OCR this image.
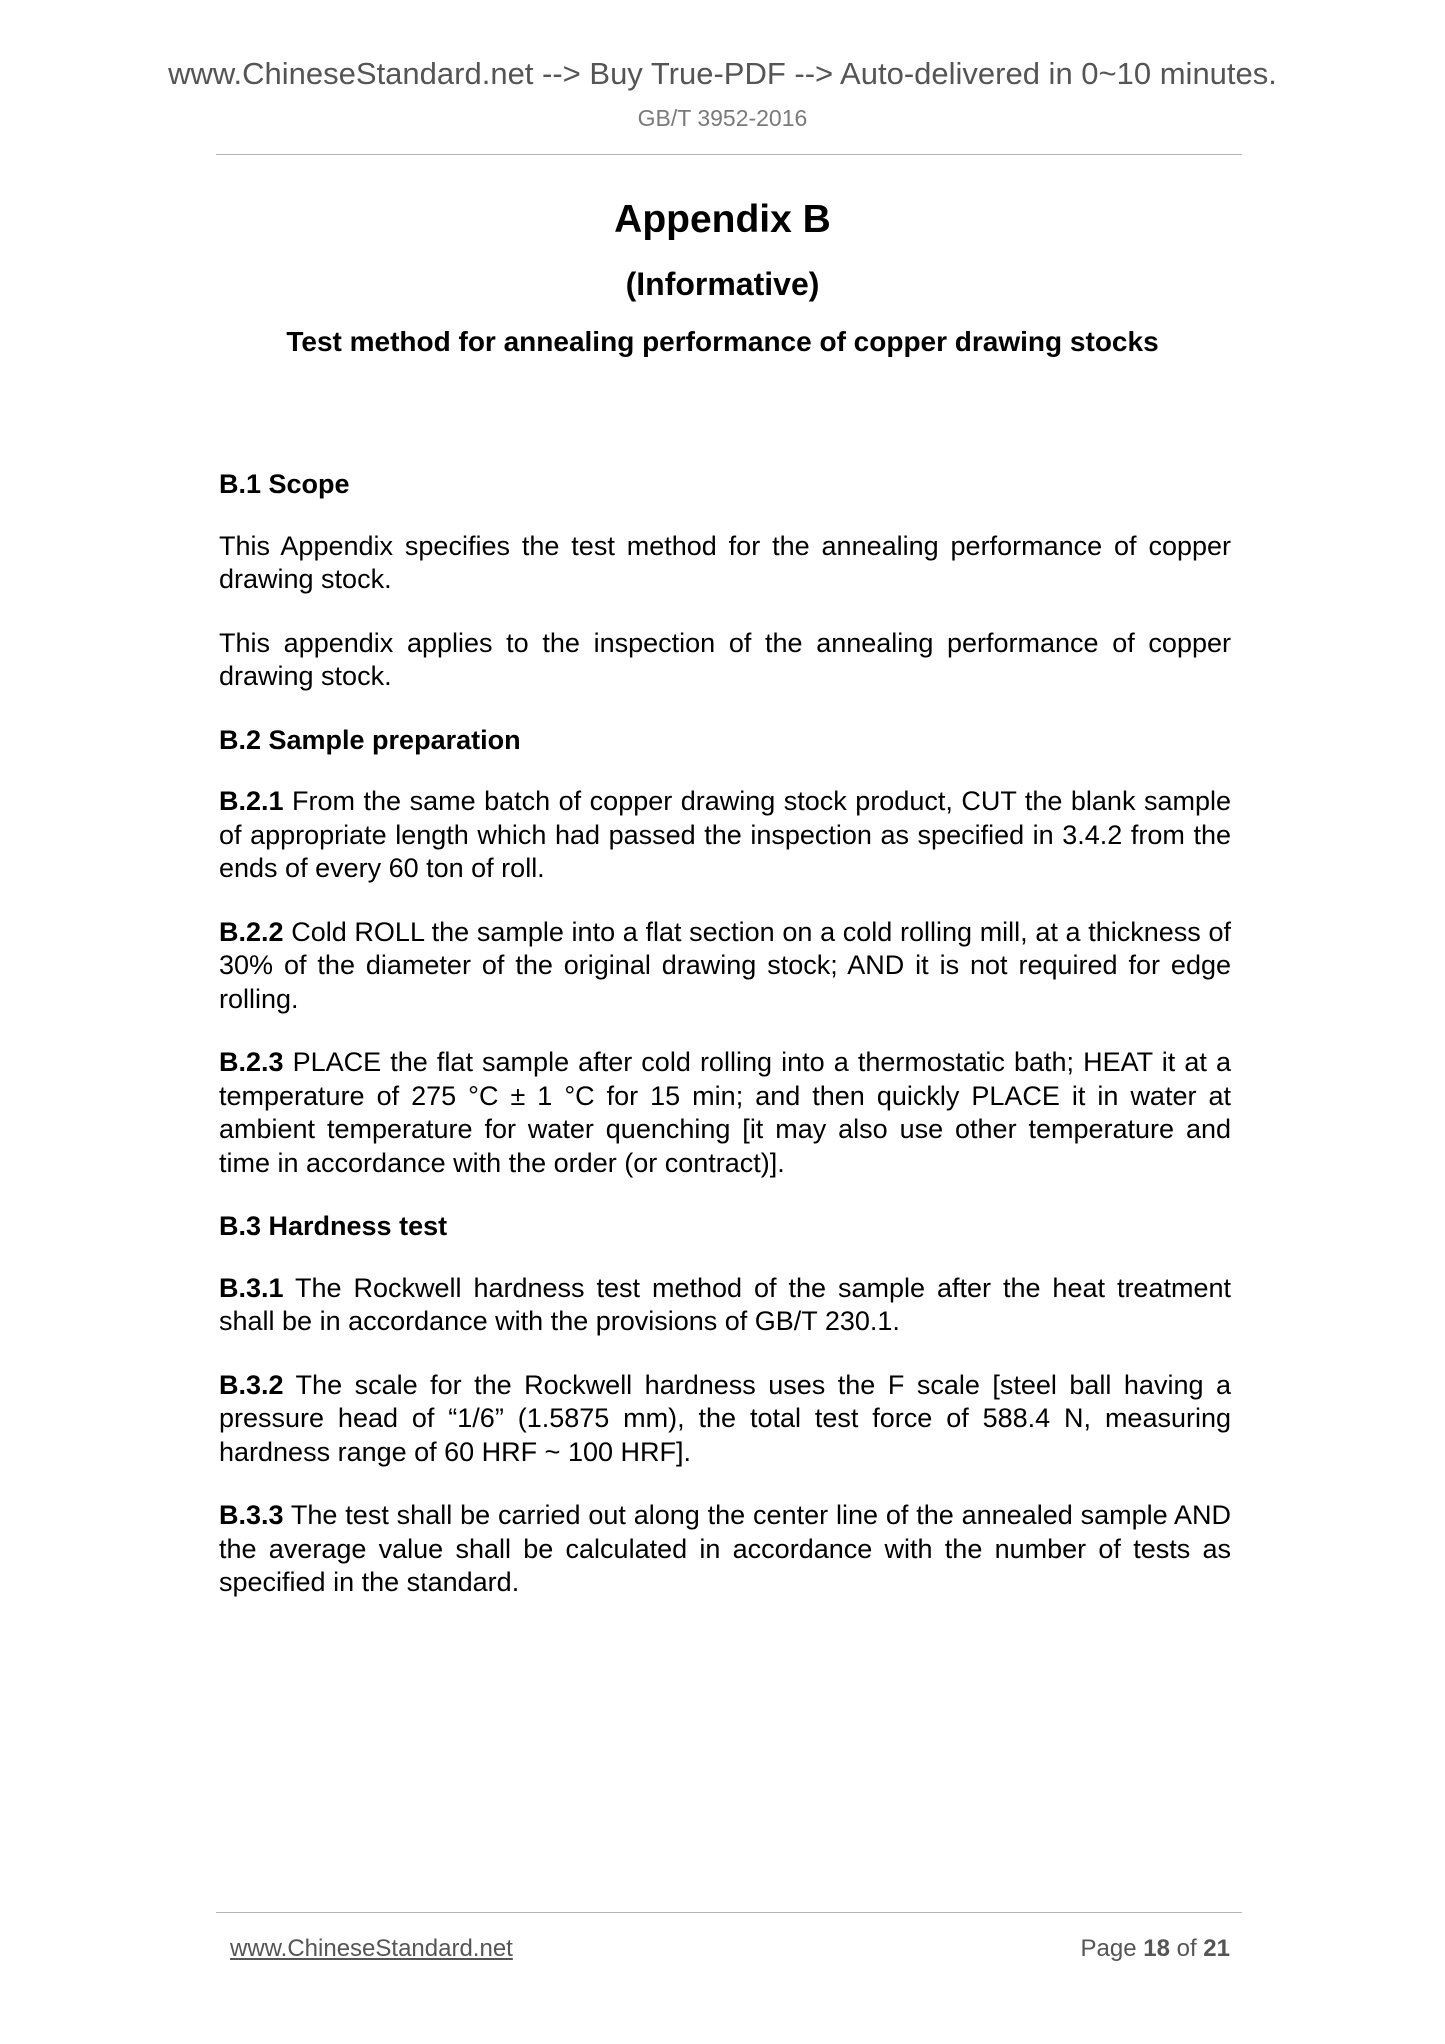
www.ChineseStandard.net --> Buy True-PDF --> Auto-delivered in 0~10 minutes.
GB/T 3952-2016
Appendix B
(Informative)
Test method for annealing performance of copper drawing stocks
B.1 Scope

This Appendix specifies the test method for the annealing performance of copper drawing stock.

This appendix applies to the inspection of the annealing performance of copper drawing stock.

B.2 Sample preparation

B.2.1 From the same batch of copper drawing stock product, CUT the blank sample of appropriate length which had passed the inspection as specified in 3.4.2 from the ends of every 60 ton of roll.

B.2.2 Cold ROLL the sample into a flat section on a cold rolling mill, at a thickness of 30% of the diameter of the original drawing stock; AND it is not required for edge rolling.

B.2.3 PLACE the flat sample after cold rolling into a thermostatic bath; HEAT it at a temperature of 275 °C ± 1 °C for 15 min; and then quickly PLACE it in water at ambient temperature for water quenching [it may also use other temperature and time in accordance with the order (or contract)].

B.3 Hardness test

B.3.1 The Rockwell hardness test method of the sample after the heat treatment shall be in accordance with the provisions of GB/T 230.1.

B.3.2 The scale for the Rockwell hardness uses the F scale [steel ball having a pressure head of “1/6” (1.5875 mm), the total test force of 588.4 N, measuring hardness range of 60 HRF ~ 100 HRF].

B.3.3 The test shall be carried out along the center line of the annealed sample AND the average value shall be calculated in accordance with the number of tests as specified in the standard.

www.ChineseStandard.net	Page 18 of 21
